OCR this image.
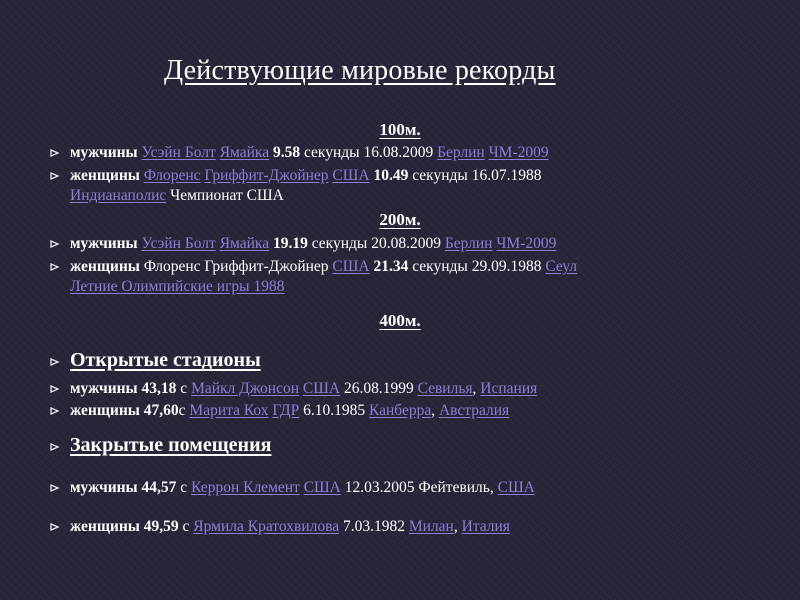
Действующие мировые рекорды
100м.
мужчины Усэйн Болт Ямайка 9.58 секунды 16.08.2009 Берлин ЧМ-2009
женщины Флоренс Гриффит-Джойнер США 10.49 секунды 16.07.1988
Индианаполис Чемпионат США
200м.
мужчины Усэйн Болт Ямайка 19.19 секунды 20.08.2009 Берлин ЧМ-2009
женщины Флоренс Гриффит-Джойнер США 21.34 секунды 29.09.1988 Сеул
Летние Олимпийские игры 1988
400м.
Открытые стадионы
мужчины 43,18 с Майкл Джонсон США 26.08.1999 Севилья, Испания
женщины 47,60с Марита Кох ГДР 6.10.1985 Канберра, Австралия
Закрытые помещения
мужчины 44,57 с Керрон Клемент США 12.03.2005 Фейтевиль, США
женщины 49,59 с Ярмила Кратохвилова 7.03.1982 Милан, Италия
